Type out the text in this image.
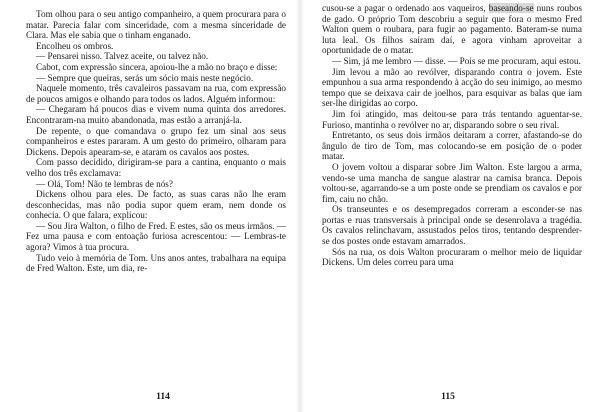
Tom olhou para o seu antigo companheiro, a quem procurara para o matar. Parecia falar com sinceridade, com a mesma sinceridade de Clara. Mas ele sabia que o tinham enganado.

Encolheu os ombros.

— Pensarei nisso. Talvez aceite, ou talvez não.

Cabot, com expressão sincera, apoiou-lhe a mão no braço e disse:

— Sempre que queiras, serás um sócio mais neste negócio.

Naquele momento, três cavaleiros passavam na rua, com expressão de poucos amigos e olhando para todos os lados. Alguém informou:

— Chegaram há poucos dias e vivem numa quinta dos arredores. Encontraram-na muito abandonada, mas estão a arranjá-la.

De repente, o que comandava o grupo fez um sinal aos seus companheiros e estes pararam. A um gesto do primeiro, olharam para Dickens. Depois apearam-se, e ataram os cavalos aos postes.

Com passo decidido, dirigiram-se para a cantina, enquanto o mais velho dos três exclamava:

— Olá, Tom! Não te lembras de nós?

Dickens olhou para eles. De facto, as suas caras não lhe eram desconhecidas, mas não podia supor quem eram, nem donde os conhecia. O que falara, explicou:

— Sou Jira Walton, o filho de Fred. E estes, são os meus irmãos. — Fez uma pausa e com entoação furiosa acrescentou: — Lembras-te agora? Vimos à tua procura.

Tudo veio à memória de Tom. Uns anos antes, trabalhara na equipa de Fred Walton. Este, um dia, re-

114

cusou-se a pagar o ordenado aos vaqueiros, baseando-se nuns roubos de gado. O próprio Tom descobriu a seguir que fora o mesmo Fred Walton quem o roubara, para fugir ao pagamento. Bateram-se numa luta leal. Os filhos saíram daí, e agora vinham aproveitar a oportunidade de o matar.

— Sim, já me lembro — disse. — Pois se me procuram, aqui estou.

Jim levou a mão ao revólver, disparando contra o jovem. Este empunhou a sua arma respondendo à acção do seu inimigo, ao mesmo tempo que se deixava cair de joelhos, para esquivar as balas que iam ser-lhe dirigidas ao corpo.

Jim foi atingido, mas deitou-se para trás tentando aguentar-se. Furioso, mantinha o revólver no ar, disparando sobre o seu rival.

Entretanto, os seus dois irmãos deitaram a correr, afastando-se do ângulo de tiro de Tom, mas colocando-se em posição de o poder matar.

O jovem voltou a disparar sobre Jim Walton. Este largou a arma, vendo-se uma mancha de sangue alastrar na camisa branca. Depois voltou-se, agarrando-se a um poste onde se prendiam os cavalos e por fim, caiu no chão.

Os transeuntes e os desempregados correram a esconder-se nas portas e ruas transversais à principal onde se desenrolava a tragédia. Os cavalos relinchavam, assustados pelos tiros, tentando desprender-se dos postes onde estavam amarrados.

Sós na rua, os dois Walton procuraram o melhor meio de liquidar Dickens. Um deles correu para uma

115
